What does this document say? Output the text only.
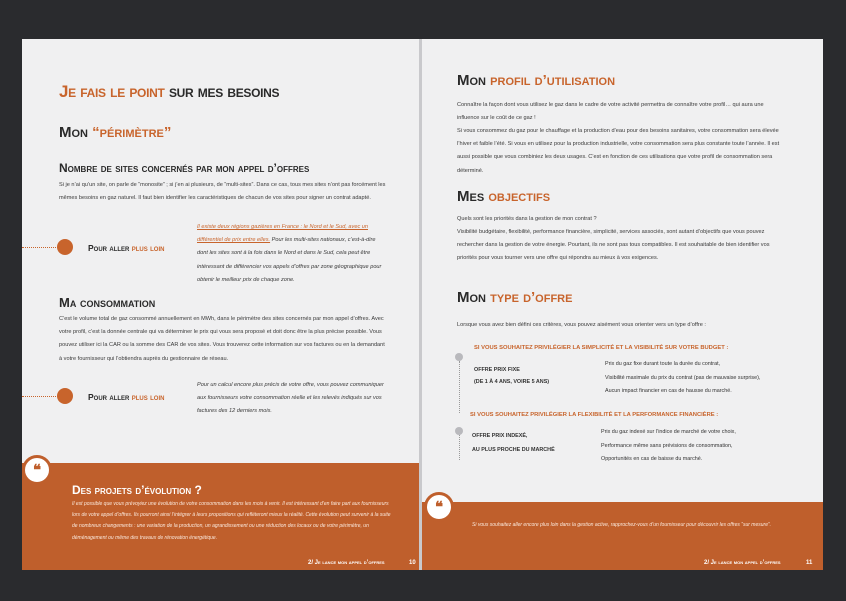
Je fais le point sur mes besoins
Mon “périmètre”
Nombre de sites concernés par mon appel d’offres
Si je n’ai qu’un site, on parle de “monosite” ; si j’en ai plusieurs, de “multi-sites”. Dans ce cas, tous mes sites n’ont pas forcément les mêmes besoins en gaz naturel. Il faut bien identifier les caractéristiques de chacun de vos sites pour signer un contrat adapté.
Pour aller plus loin
Il existe deux régions gazières en France : le Nord et le Sud, avec un différentiel de prix entre elles. Pour les multi-sites nationaux, c’est-à-dire dont les sites sont à la fois dans le Nord et dans le Sud, cela peut être intéressant de différencier vos appels d’offres par zone géographique pour obtenir le meilleur prix de chaque zone.
Ma consommation
C’est le volume total de gaz consommé annuellement en MWh, dans le périmètre des sites concernés par mon appel d’offres. Avec votre profil, c’est la donnée centrale qui va déterminer le prix qui vous sera proposé et doit donc être la plus précise possible. Vous pouvez utiliser ici la CAR ou la somme des CAR de vos sites. Vous trouverez cette information sur vos factures ou en la demandant à votre fournisseur qui l’obtiendra auprès du gestionnaire de réseau.
Pour aller plus loin
Pour un calcul encore plus précis de votre offre, vous pouvez communiquer aux fournisseurs votre consommation réelle et les relevés indiqués sur vos factures des 12 derniers mois.
❝
Des projets d’évolution ?
Il est possible que vous prévoyiez une évolution de votre consommation dans les mois à venir. Il est intéressant d’en faire part aux fournisseurs lors de votre appel d’offres. Ils pourront ainsi l’intégrer à leurs propositions qui refléteront mieux la réalité. Cette évolution peut survenir à la suite de nombreux changements : une variation de la production, un agrandissement ou une réduction des locaux ou de votre périmètre, un déménagement ou même des travaux de rénovation énergétique.
2/ Je lance mon appel d’offres	10
Mon profil d’utilisation
Connaître la façon dont vous utilisez le gaz dans le cadre de votre activité permettra de connaître votre profil… qui aura une influence sur le coût de ce gaz !
Si vous consommez du gaz pour le chauffage et la production d’eau pour des besoins sanitaires, votre consommation sera élevée l’hiver et faible l’été. Si vous en utilisez pour la production industrielle, votre consommation sera plus constante toute l’année. Il est aussi possible que vous combiniez les deux usages. C’est en fonction de ces utilisations que votre profil de consommation sera déterminé.
Mes objectifs
Quels sont les priorités dans la gestion de mon contrat ?
Visibilité budgétaire, flexibilité, performance financière, simplicité, services associés, sont autant d’objectifs que vous pouvez rechercher dans la gestion de votre énergie. Pourtant, ils ne sont pas tous compatibles. Il est souhaitable de bien identifier vos priorités pour vous tourner vers une offre qui répondra au mieux à vos exigences.
Mon type d’offre
Lorsque vous avez bien défini ces critères, vous pouvez aisément vous orienter vers un type d’offre :
SI VOUS SOUHAITEZ PRIVILÉGIER LA SIMPLICITÉ ET LA VISIBILITÉ SUR VOTRE BUDGET :
OFFRE PRIX FIXE
(DE 1 À 4 ANS, VOIRE 5 ANS)
Prix du gaz fixe durant toute la durée du contrat,
Visibilité maximale du prix du contrat (pas de mauvaise surprise),
Aucun impact financier en cas de hausse du marché.
SI VOUS SOUHAITEZ PRIVILÉGIER LA FLEXIBILITÉ ET LA PERFORMANCE FINANCIÈRE :
OFFRE PRIX INDEXÉ,
AU PLUS PROCHE DU MARCHÉ
Prix du gaz indexé sur l’indice de marché de votre choix,
Performance même sans prévisions de consommation,
Opportunités en cas de baisse du marché.
❝
Si vous souhaitez aller encore plus loin dans la gestion active, rapprochez-vous d’un fournisseur pour découvrir les offres “sur mesure”.
2/ Je lance mon appel d’offres	11
